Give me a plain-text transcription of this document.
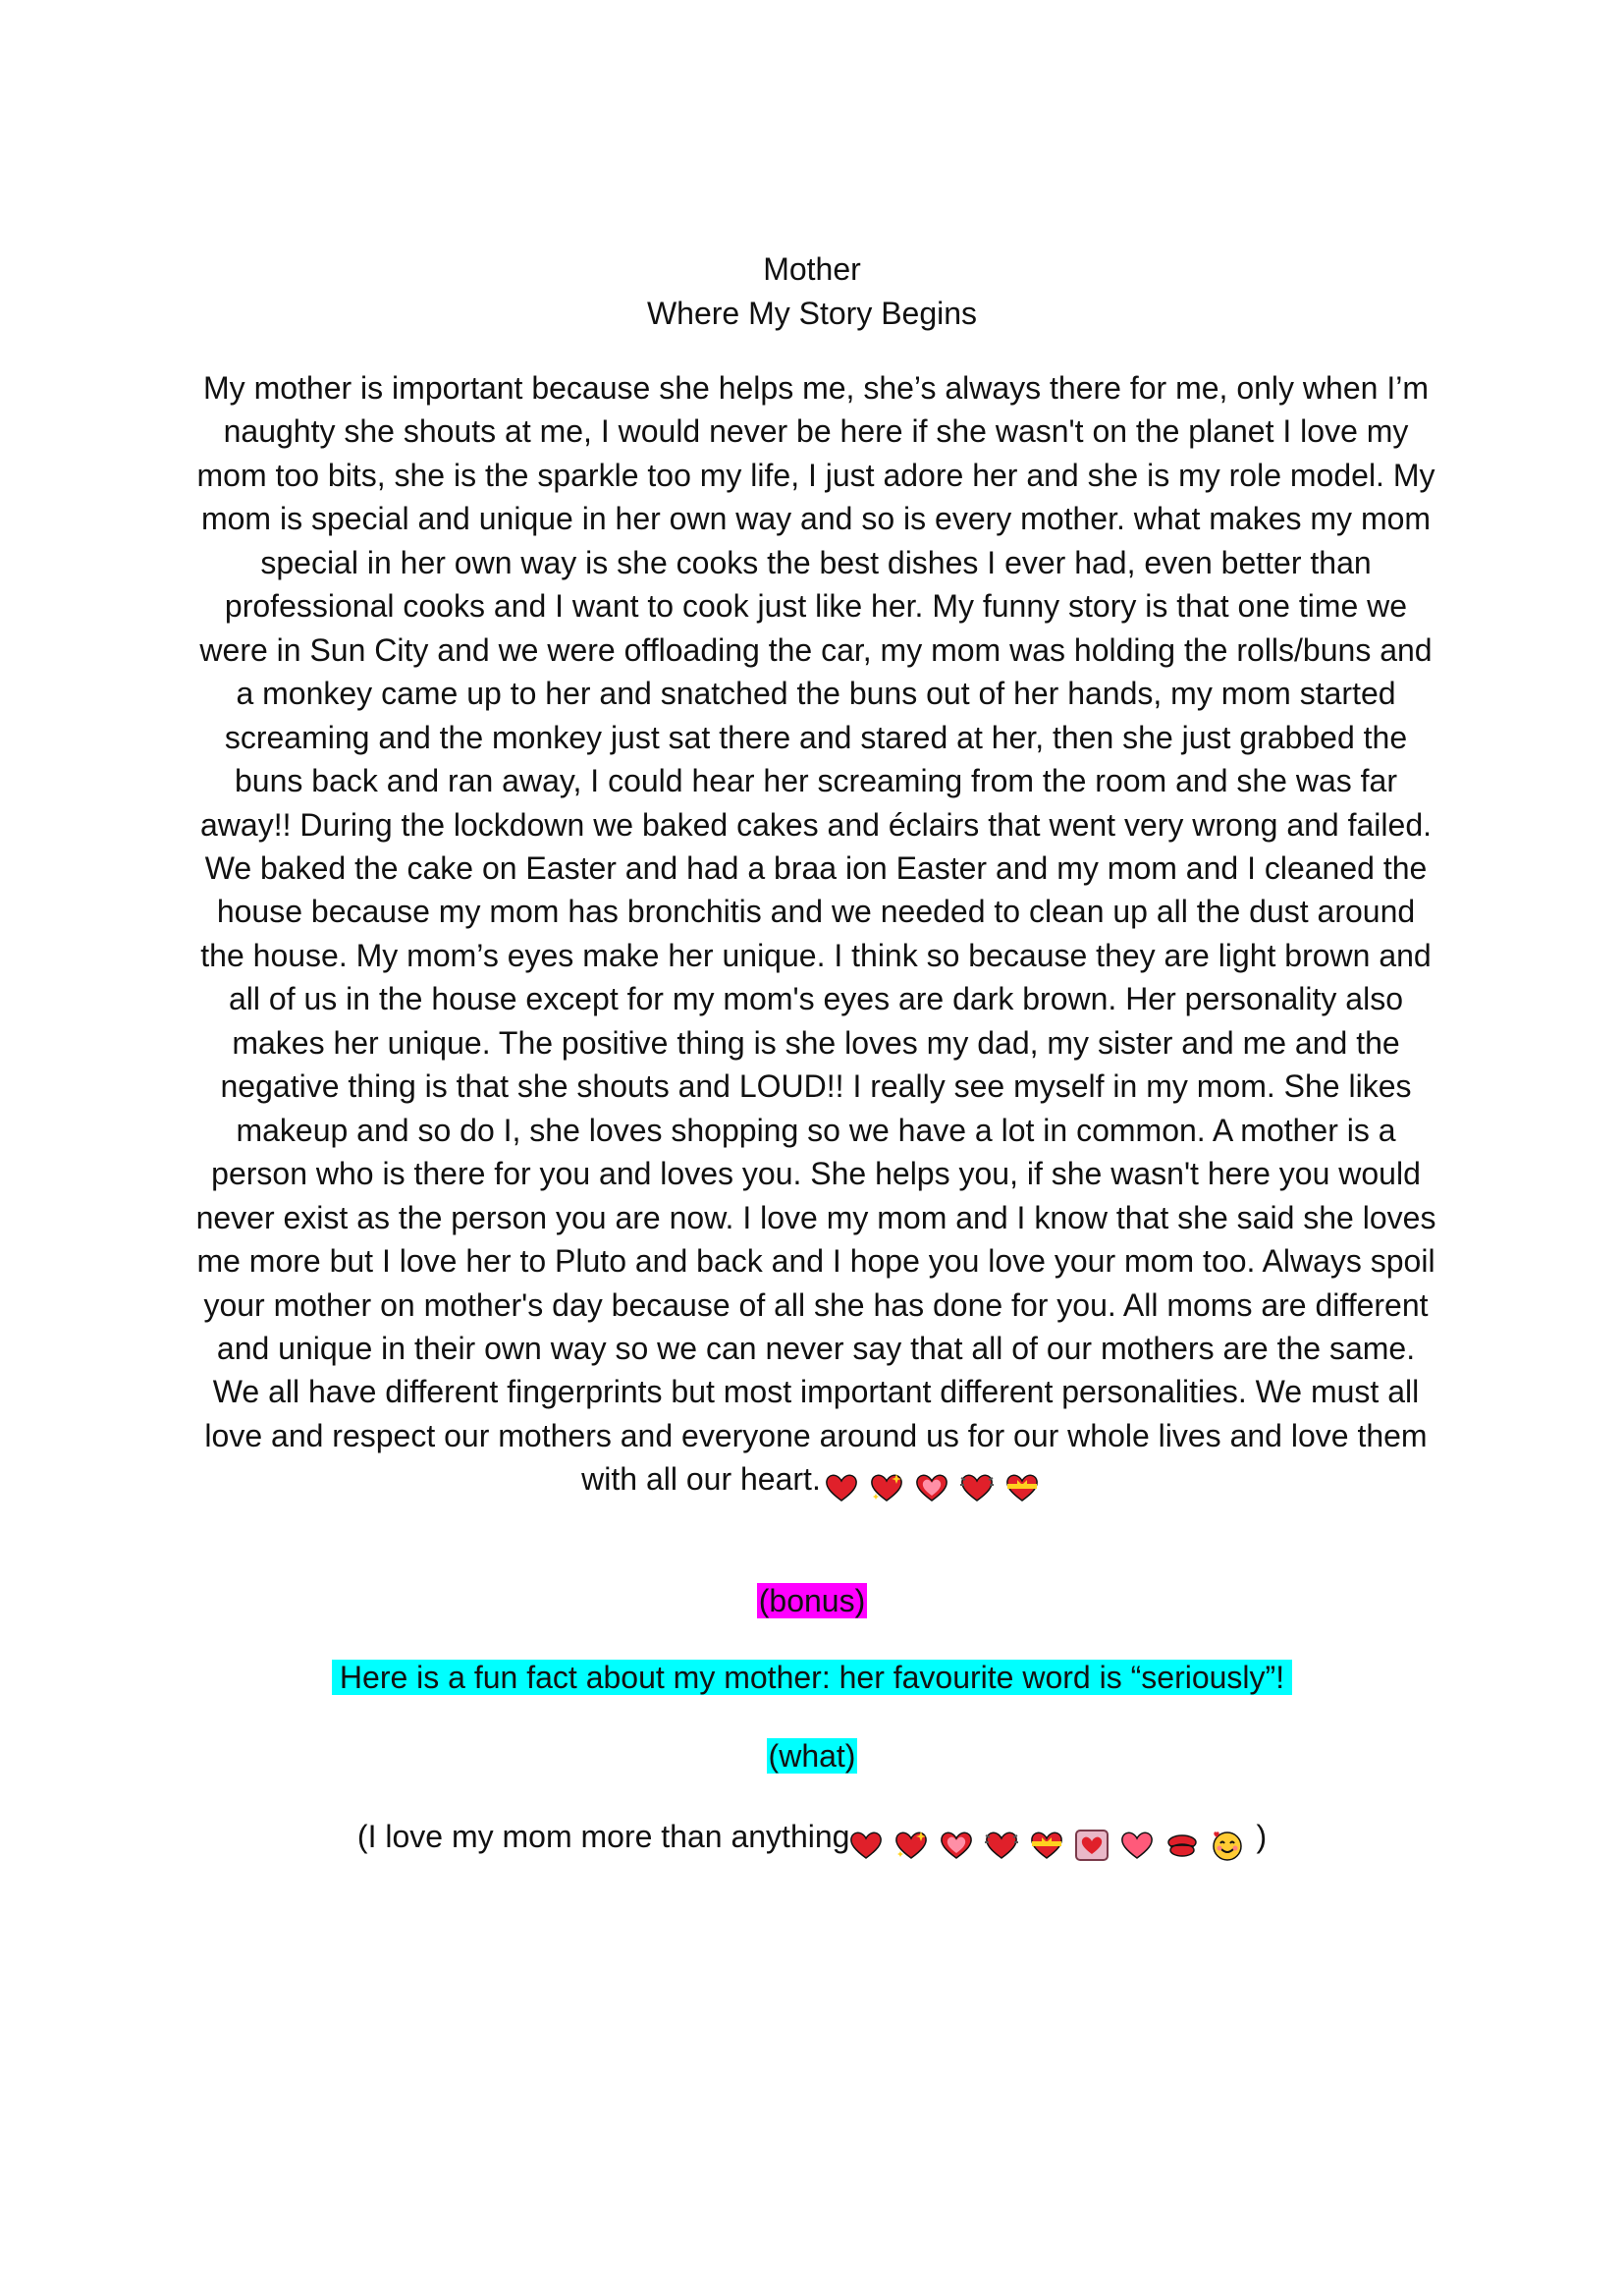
Mother
Where My Story Begins

My mother is important because she helps me, she’s always there for me, only when I’m naughty she shouts at me, I would never be here if she wasn't on the planet I love my mom too bits, she is the sparkle too my life, I just adore her and she is my role model. My mom is special and unique in her own way and so is every mother. what makes my mom special in her own way is she cooks the best dishes I ever had, even better than professional cooks and I want to cook just like her. My funny story is that one time we were in Sun City and we were offloading the car, my mom was holding the rolls/buns and a monkey came up to her and snatched the buns out of her hands, my mom started screaming and the monkey just sat there and stared at her, then she just grabbed the buns back and ran away, I could hear her screaming from the room and she was far away!! During the lockdown we baked cakes and éclairs that went very wrong and failed. We baked the cake on Easter and had a braa ion Easter and my mom and I cleaned the house because my mom has bronchitis and we needed to clean up all the dust around the house. My mom’s eyes make her unique. I think so because they are light brown and all of us in the house except for my mom's eyes are dark brown. Her personality also makes her unique. The positive thing is she loves my dad, my sister and me and the negative thing is that she shouts and LOUD!! I really see myself in my mom. She likes makeup and so do I, she loves shopping so we have a lot in common. A mother is a person who is there for you and loves you. She helps you, if she wasn't here you would never exist as the person you are now. I love my mom and I know that she said she loves me more but I love her to Pluto and back and I hope you love your mom too. Always spoil your mother on mother's day because of all she has done for you. All moms are different and unique in their own way so we can never say that all of our mothers are the same. We all have different fingerprints but most important different personalities. We must all love and respect our mothers and everyone around us for our whole lives and love them with all our heart.

(bonus)
Here is a fun fact about my mother: her favourite word is “seriously”!
(what)
(I love my mom more than anything	)
